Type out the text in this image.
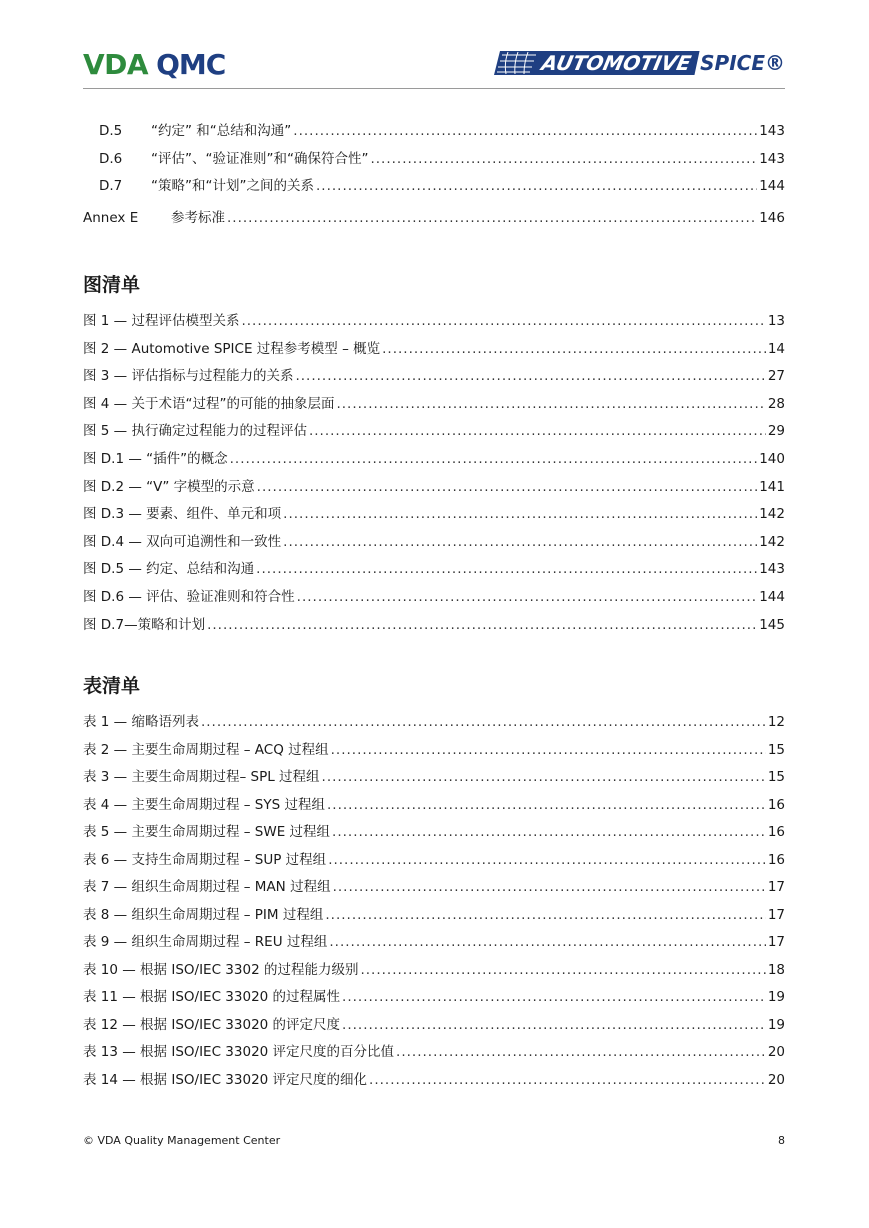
VDA QMC	AUTOMOTIVE SPICE®
D.5 “约定” 和“总结和沟通” .....	143
D.6 “评估”、“验证准则”和“确保符合性” .....	143
D.7 “策略”和“计划”之间的关系 .....	144
Annex E	参考标准 .....	146
图清单
图 1 — 过程评估模型关系 .....	13
图 2 — Automotive SPICE 过程参考模型 – 概览 .....	14
图 3 — 评估指标与过程能力的关系 .....	27
图 4 — 关于术语“过程”的可能的抽象层面 .....	28
图 5 — 执行确定过程能力的过程评估 .....	29
图 D.1 — “插件”的概念 .....	140
图 D.2 — “V” 字模型的示意 .....	141
图 D.3 — 要素、组件、单元和项 .....	142
图 D.4 — 双向可追溯性和一致性 .....	142
图 D.5 — 约定、总结和沟通 .....	143
图 D.6 — 评估、验证准则和符合性 .....	144
图 D.7—策略和计划 .....	145
表清单
表 1 — 缩略语列表 .....	12
表 2 — 主要生命周期过程 – ACQ 过程组 .....	15
表 3 — 主要生命周期过程– SPL 过程组 .....	15
表 4 — 主要生命周期过程 – SYS 过程组 .....	16
表 5 — 主要生命周期过程 – SWE 过程组 .....	16
表 6 — 支持生命周期过程 – SUP 过程组 .....	16
表 7 — 组织生命周期过程 – MAN 过程组 .....	17
表 8 — 组织生命周期过程 – PIM 过程组 .....	17
表 9 — 组织生命周期过程 – REU 过程组 .....	17
表 10 — 根据 ISO/IEC 3302 的过程能力级别 .....	18
表 11 — 根据 ISO/IEC 33020 的过程属性 .....	19
表 12 — 根据 ISO/IEC 33020 的评定尺度 .....	19
表 13 — 根据 ISO/IEC 33020 评定尺度的百分比值 .....	20
表 14 — 根据 ISO/IEC 33020 评定尺度的细化 .....	20
© VDA Quality Management Center	8
